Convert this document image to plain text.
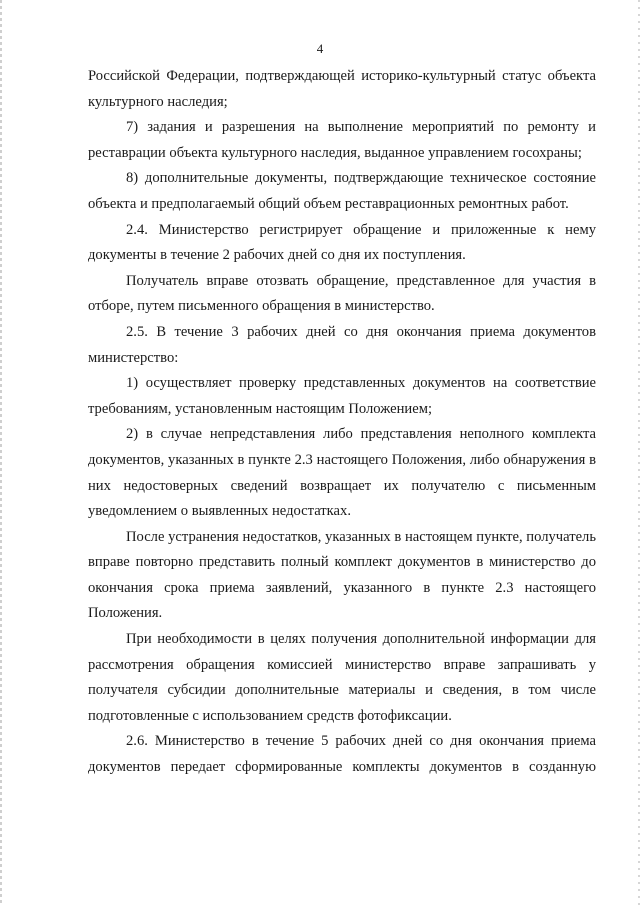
4

Российской Федерации, подтверждающей историко-культурный статус объекта культурного наследия;

7) задания и разрешения на выполнение мероприятий по ремонту и реставрации объекта культурного наследия, выданное управлением госохраны;

8) дополнительные документы, подтверждающие техническое состояние объекта и предполагаемый общий объем реставрационных ремонтных работ.

2.4. Министерство регистрирует обращение и приложенные к нему документы в течение 2 рабочих дней со дня их поступления.

Получатель вправе отозвать обращение, представленное для участия в отборе, путем письменного обращения в министерство.

2.5. В течение 3 рабочих дней со дня окончания приема документов министерство:

1) осуществляет проверку представленных документов на соответствие требованиям, установленным настоящим Положением;

2) в случае непредставления либо представления неполного комплекта документов, указанных в пункте 2.3 настоящего Положения, либо обнаружения в них недостоверных сведений возвращает их получателю с письменным уведомлением о выявленных недостатках.

После устранения недостатков, указанных в настоящем пункте, получатель вправе повторно представить полный комплект документов в министерство до окончания срока приема заявлений, указанного в пункте 2.3 настоящего Положения.

При необходимости в целях получения дополнительной информации для рассмотрения обращения комиссией министерство вправе запрашивать у получателя субсидии дополнительные материалы и сведения, в том числе подготовленные с использованием средств фотофиксации.

2.6. Министерство в течение 5 рабочих дней со дня окончания приема документов передает сформированные комплекты документов в созданную
